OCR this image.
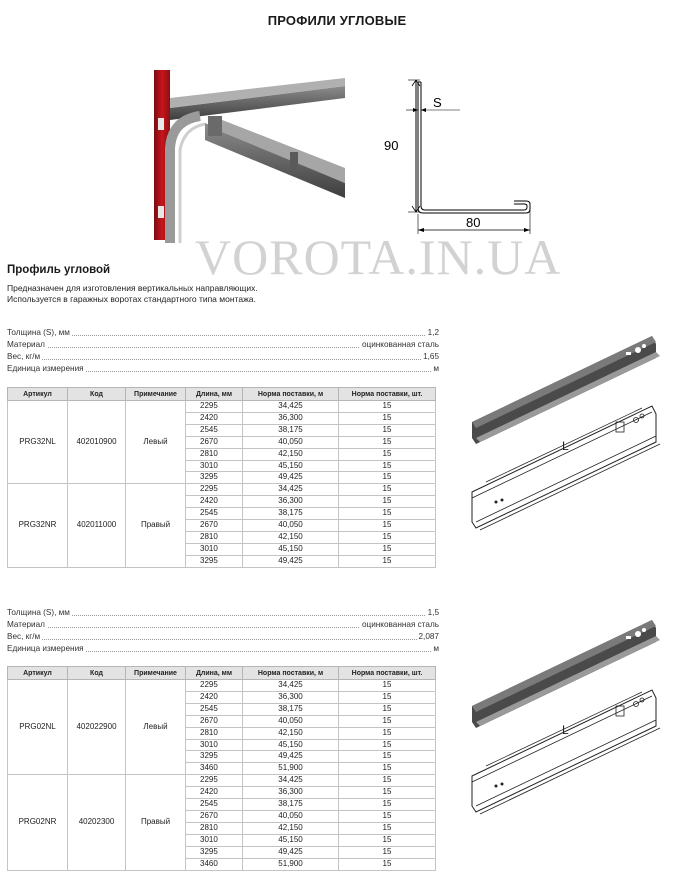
ПРОФИЛИ УГЛОВЫЕ
S
90
80
VOROTA.IN.UA
Профиль угловой
Предназначен для изготовления вертикальных направляющих.
Используется в гаражных воротах стандартного типа монтажа.
Толщина (S), мм	1,2
Материал	оцинкованная сталь
Вес, кг/м	1,65
Единица измерения	м
Артикул	Код	Примечание	Длина, мм	Норма поставки, м	Норма поставки, шт.
PRG32NL	402010900	Левый	2295	34,425	15
			2420	36,300	15
			2545	38,175	15
			2670	40,050	15
			2810	42,150	15
			3010	45,150	15
			3295	49,425	15
PRG32NR	402011000	Правый	2295	34,425	15
			2420	36,300	15
			2545	38,175	15
			2670	40,050	15
			2810	42,150	15
			3010	45,150	15
			3295	49,425	15
Толщина (S), мм	1,5
Материал	оцинкованная сталь
Вес, кг/м	2,087
Единица измерения	м
Артикул	Код	Примечание	Длина, мм	Норма поставки, м	Норма поставки, шт.
PRG02NL	402022900	Левый	2295	34,425	15
			2420	36,300	15
			2545	38,175	15
			2670	40,050	15
			2810	42,150	15
			3010	45,150	15
			3295	49,425	15
			3460	51,900	15
PRG02NR	40202300	Правый	2295	34,425	15
			2420	36,300	15
			2545	38,175	15
			2670	40,050	15
			2810	42,150	15
			3010	45,150	15
			3295	49,425	15
			3460	51,900	15
L
L
